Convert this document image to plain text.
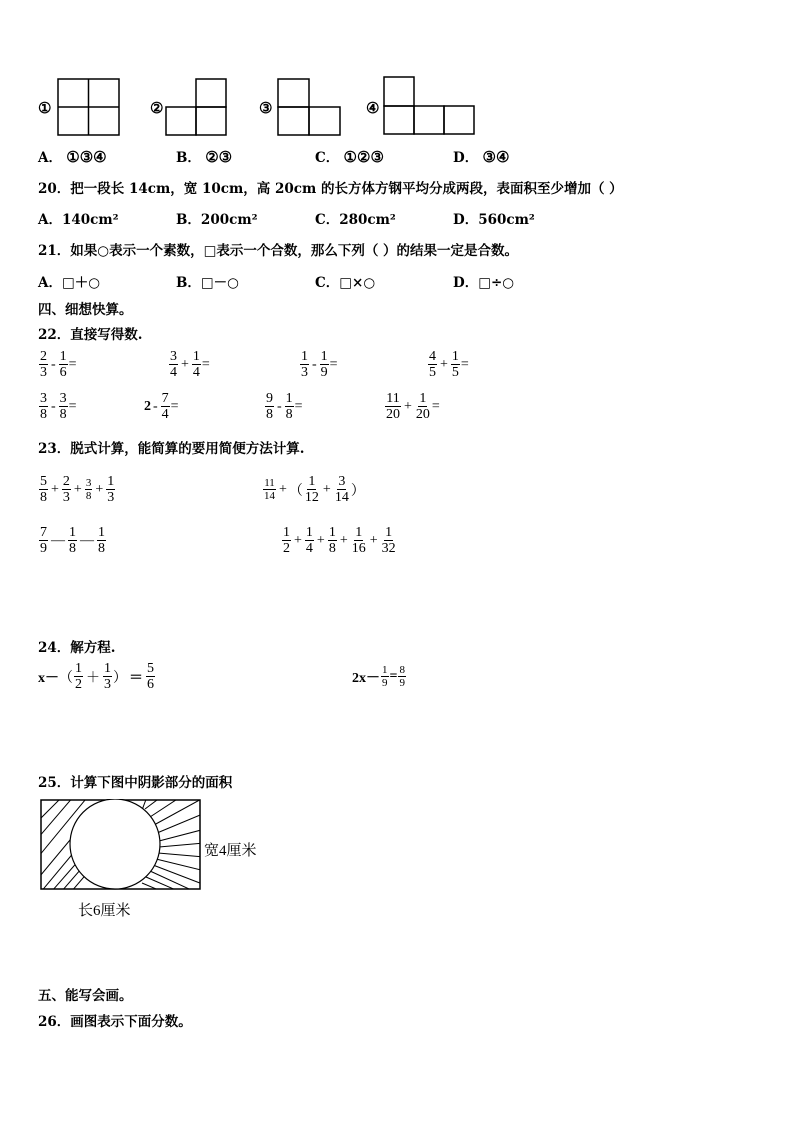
①	②	③	④
A． ①③④	B． ②③	C． ①②③	D． ③④
20．把一段长 14cm，宽 10cm，高 20cm 的长方体方钢平均分成两段，表面积至少增加（ ）
A．140cm²	B．200cm²	C．280cm²	D．560cm²
21．如果○表示一个素数，□表示一个合数，那么下列（ ）的结果一定是合数。
A．□＋○	B．□－○	C．□×○	D．□÷○
四、细想快算。
22．直接写得数.
$\frac{2}{3} - \frac{1}{6}$ =	$\frac{3}{4} + \frac{1}{4}$ =	$\frac{1}{3} - \frac{1}{9}$ =	$\frac{4}{5} + \frac{1}{5}$ =
$\frac{3}{8} - \frac{3}{8}$ =	$2 - \frac{7}{4}$ =	$\frac{9}{8} - \frac{1}{8}$ =	$\frac{11}{20} + \frac{1}{20}$ =
23．脱式计算，能简算的要用简便方法计算.
$\frac{5}{8} + \frac{2}{3} + \frac{3}{8} + \frac{1}{3}$	$\frac{11}{14}$ + （ $\frac{1}{12} + \frac{3}{14}$ ）
$\frac{7}{9}$ — $\frac{1}{8}$ — $\frac{1}{8}$	$\frac{1}{2} + \frac{1}{4} + \frac{1}{8} + \frac{1}{16} + \frac{1}{32}$
24．解方程.
x－ （ $\frac{1}{2} + \frac{1}{3}$ ） ＝ $\frac{5}{6}$	$2x- \frac{1}{9} = \frac{8}{9}$
25．计算下图中阴影部分的面积
宽4厘米
长6厘米
五、能写会画。
26．画图表示下面分数。
